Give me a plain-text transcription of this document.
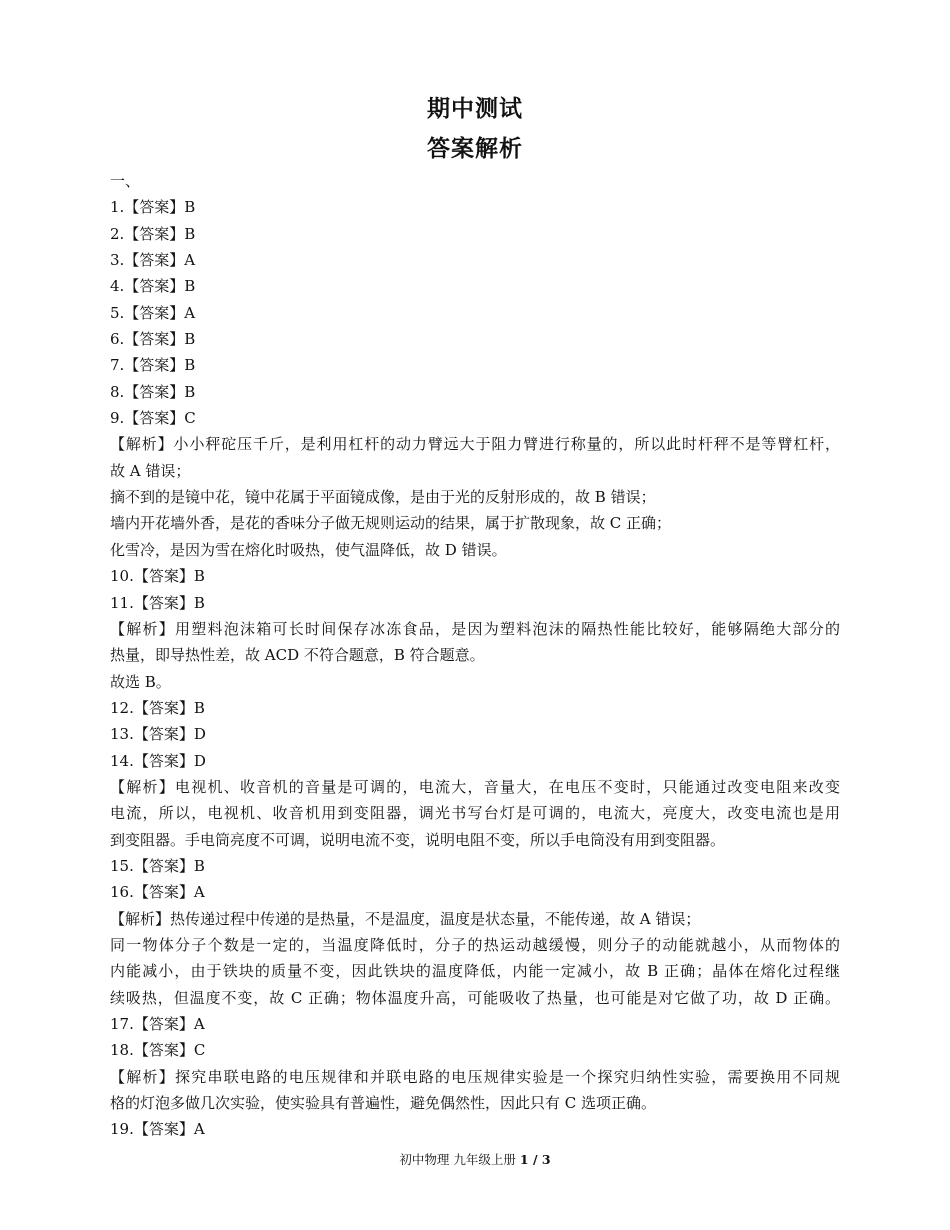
期中测试
答案解析
一、
1.【答案】B
2.【答案】B
3.【答案】A
4.【答案】B
5.【答案】A
6.【答案】B
7.【答案】B
8.【答案】B
9.【答案】C
【解析】小小秤砣压千斤，是利用杠杆的动力臂远大于阻力臂进行称量的，所以此时杆秤不是等臂杠杆，
故 A 错误；
摘不到的是镜中花，镜中花属于平面镜成像，是由于光的反射形成的，故 B 错误；
墙内开花墙外香，是花的香味分子做无规则运动的结果，属于扩散现象，故 C 正确；
化雪冷，是因为雪在熔化时吸热，使气温降低，故 D 错误。
10.【答案】B
11.【答案】B
【解析】用塑料泡沫箱可长时间保存冰冻食品，是因为塑料泡沫的隔热性能比较好，能够隔绝大部分的
热量，即导热性差，故 ACD 不符合题意，B 符合题意。
故选 B。
12.【答案】B
13.【答案】D
14.【答案】D
【解析】电视机、收音机的音量是可调的，电流大，音量大，在电压不变时，只能通过改变电阻来改变
电流，所以，电视机、收音机用到变阻器，调光书写台灯是可调的，电流大，亮度大，改变电流也是用
到变阻器。手电筒亮度不可调，说明电流不变，说明电阻不变，所以手电筒没有用到变阻器。
15.【答案】B
16.【答案】A
【解析】热传递过程中传递的是热量，不是温度，温度是状态量，不能传递，故 A 错误；
同一物体分子个数是一定的，当温度降低时，分子的热运动越缓慢，则分子的动能就越小，从而物体的
内能减小，由于铁块的质量不变，因此铁块的温度降低，内能一定减小，故 B 正确；晶体在熔化过程继
续吸热，但温度不变，故 C 正确；物体温度升高，可能吸收了热量，也可能是对它做了功，故 D 正确。
17.【答案】A
18.【答案】C
【解析】探究串联电路的电压规律和并联电路的电压规律实验是一个探究归纳性实验，需要换用不同规
格的灯泡多做几次实验，使实验具有普遍性，避免偶然性，因此只有 C 选项正确。
19.【答案】A
初中物理 九年级上册 1 / 3
